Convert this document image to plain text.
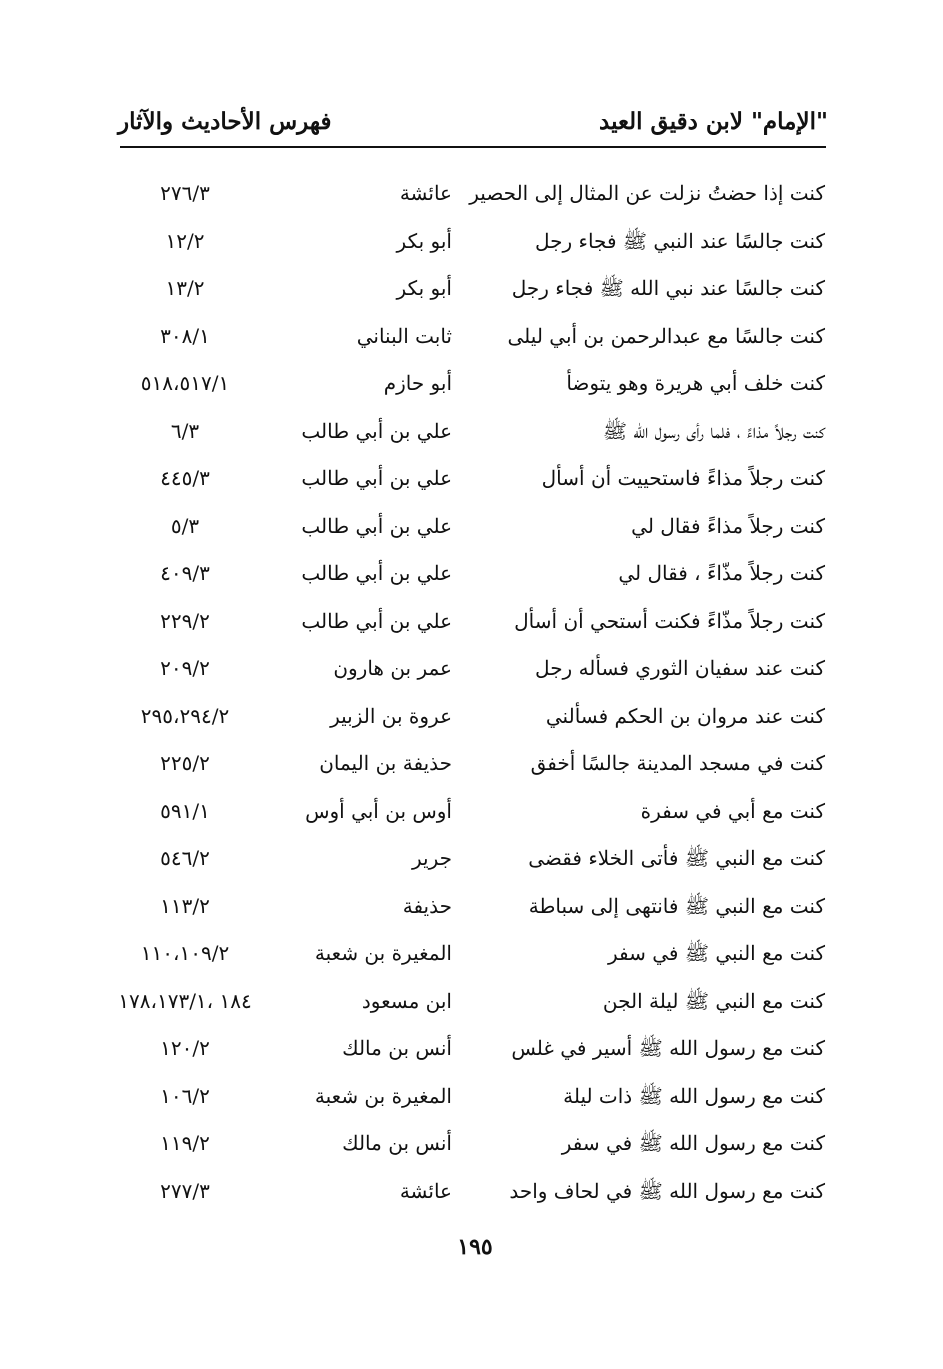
"الإمام" لابن دقيق العيد
فهرس الأحاديث والآثار
كنت إذا حضتُ نزلت عن المثال إلى الحصير
عائشة
٢٧٦/٣
كنت جالسًا عند النبي ﷺ فجاء رجل
أبو بكر
١٢/٢
كنت جالسًا عند نبي الله ﷺ فجاء رجل
أبو بكر
١٣/٢
كنت جالسًا مع عبدالرحمن بن أبي ليلى
ثابت البناني
٣٠٨/١
كنت خلف أبي هريرة وهو يتوضأ
أبو حازم
٥١٨،٥١٧/١
كنت رجلاً مذاءً ، فلما رأى رسول الله ﷺ
علي بن أبي طالب
٦/٣
كنت رجلاً مذاءً فاستحييت أن أسأل
علي بن أبي طالب
٤٤٥/٣
كنت رجلاً مذاءً فقال لي
علي بن أبي طالب
٥/٣
كنت رجلاً مذّاءً ، فقال لي
علي بن أبي طالب
٤٠٩/٣
كنت رجلاً مذّاءً فكنت أستحي أن أسأل
علي بن أبي طالب
٢٢٩/٢
كنت عند سفيان الثوري فسأله رجل
عمر بن هارون
٢٠٩/٢
كنت عند مروان بن الحكم فسألني
عروة بن الزبير
٢٩٥،٢٩٤/٢
كنت في مسجد المدينة جالسًا أخفق
حذيفة بن اليمان
٢٢٥/٢
كنت مع أبي في سفرة
أوس بن أبي أوس
٥٩١/١
كنت مع النبي ﷺ فأتى الخلاء فقضى
جرير
٥٤٦/٢
كنت مع النبي ﷺ فانتهى إلى سباطة
حذيفة
١١٣/٢
كنت مع النبي ﷺ في سفر
المغيرة بن شعبة
١١٠،١٠٩/٢
كنت مع النبي ﷺ ليلة الجن
ابن مسعود
١٨٤ ،١٧٨،١٧٣/١
كنت مع رسول الله ﷺ أسير في غلس
أنس بن مالك
١٢٠/٢
كنت مع رسول الله ﷺ ذات ليلة
المغيرة بن شعبة
١٠٦/٢
كنت مع رسول الله ﷺ في سفر
أنس بن مالك
١١٩/٢
كنت مع رسول الله ﷺ في لحاف واحد
عائشة
٢٧٧/٣
١٩٥
